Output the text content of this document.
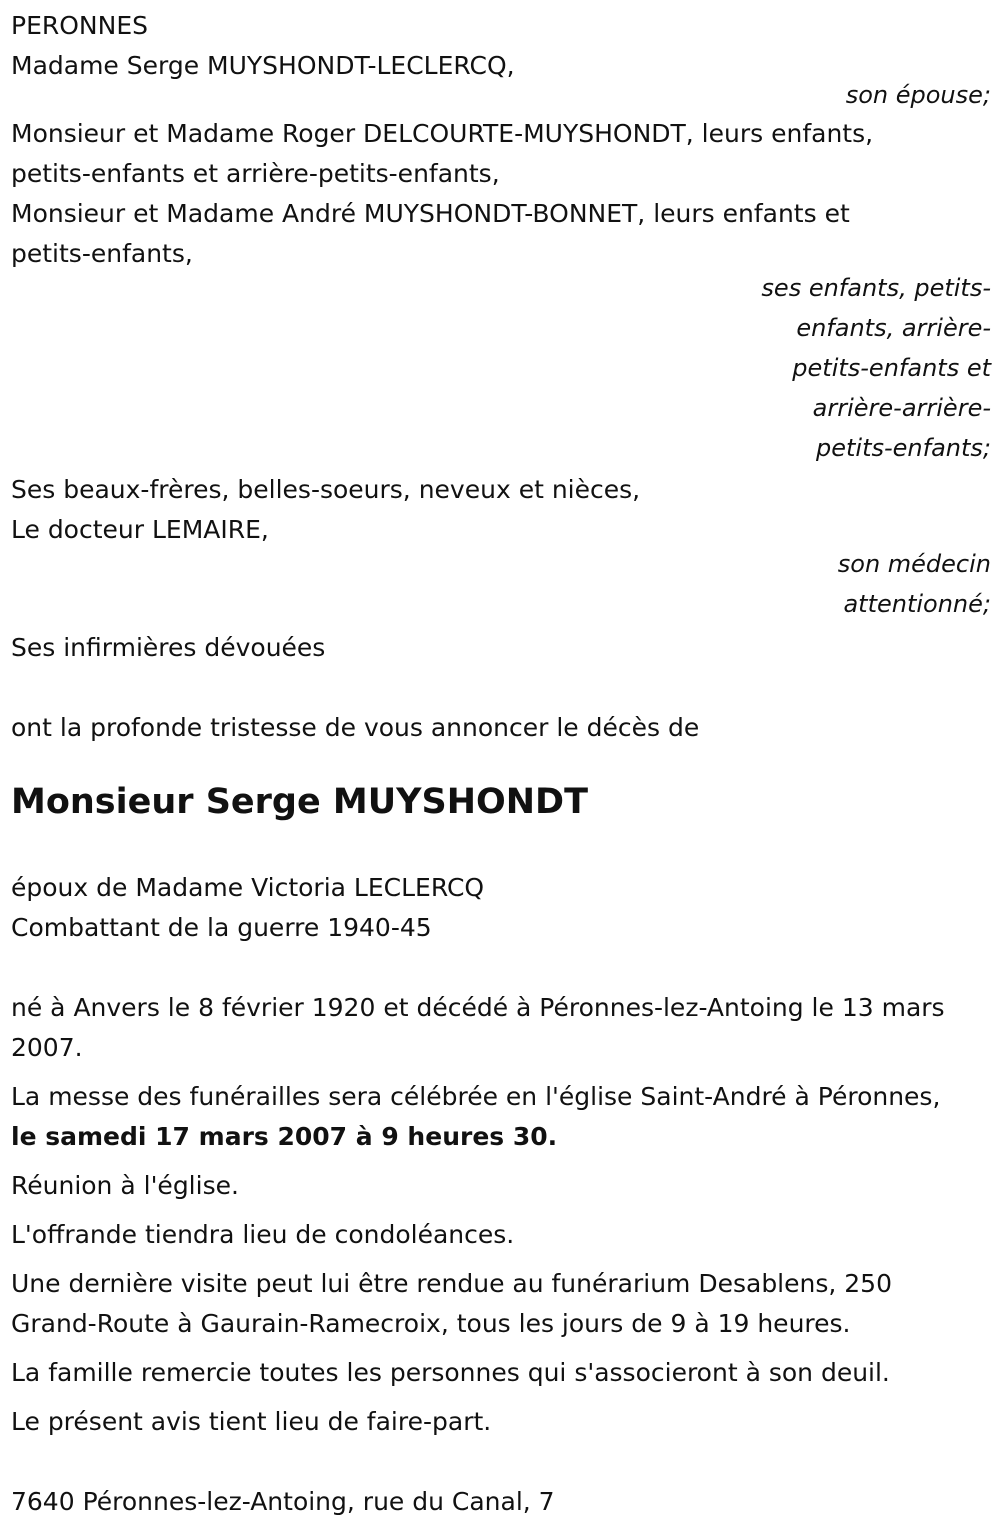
PERONNES
Madame Serge MUYSHONDT-LECLERCQ,
son épouse;
Monsieur et Madame Roger DELCOURTE-MUYSHONDT, leurs enfants,
petits-enfants et arrière-petits-enfants,
Monsieur et Madame André MUYSHONDT-BONNET, leurs enfants et
petits-enfants,
ses enfants, petits-
enfants, arrière-
petits-enfants et
arrière-arrière-
petits-enfants;
Ses beaux-frères, belles-soeurs, neveux et nièces,
Le docteur LEMAIRE,
son médecin
attentionné;
Ses infirmières dévouées
ont la profonde tristesse de vous annoncer le décès de
Monsieur Serge MUYSHONDT
époux de Madame Victoria LECLERCQ
Combattant de la guerre 1940-45
né à Anvers le 8 février 1920 et décédé à Péronnes-lez-Antoing le 13 mars 2007.
La messe des funérailles sera célébrée en l'église Saint-André à Péronnes,
le samedi 17 mars 2007 à 9 heures 30.
Réunion à l'église.
L'offrande tiendra lieu de condoléances.
Une dernière visite peut lui être rendue au funérarium Desablens, 250 Grand-Route à Gaurain-Ramecroix, tous les jours de 9 à 19 heures.
La famille remercie toutes les personnes qui s'associeront à son deuil.
Le présent avis tient lieu de faire-part.
7640 Péronnes-lez-Antoing, rue du Canal, 7
